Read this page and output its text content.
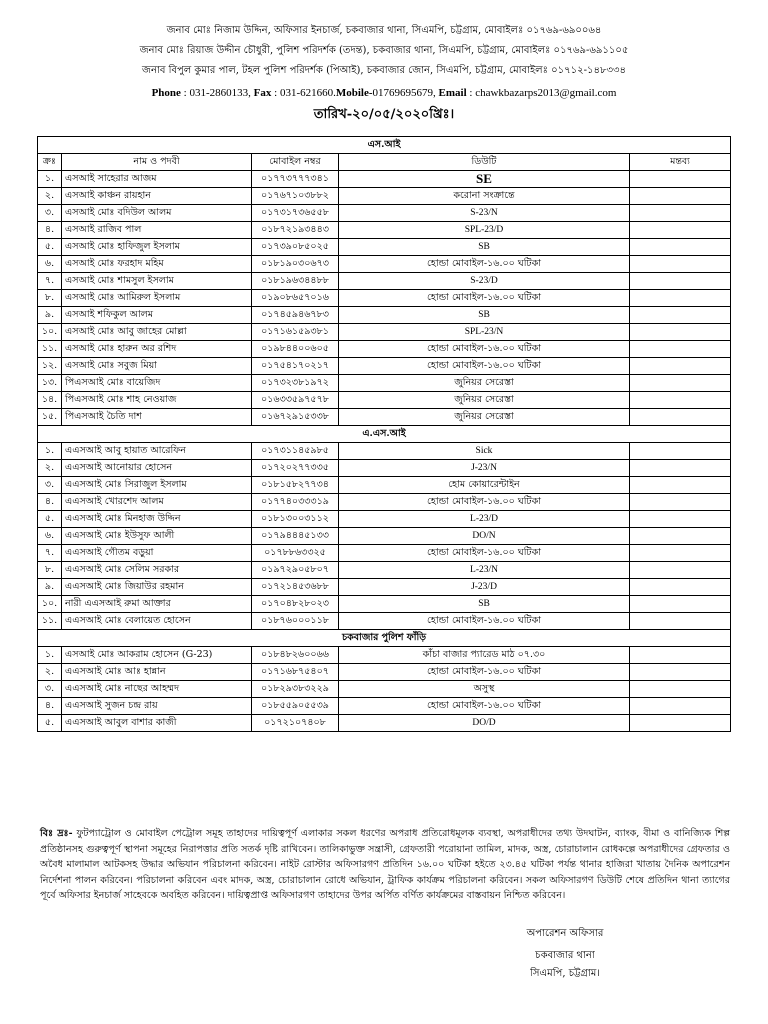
জনাব মোঃ নিজাম উদ্দিন, অফিসার ইনচার্জ, চকবাজার থানা, সিএমপি, চট্টগ্রাম, মোবাইলঃ ০১৭৬৯-৬৯০০৬৪
জনাব মোঃ রিয়াজ উদ্দীন চৌধুরী, পুলিশ পরিদর্শক (তদন্ত), চকবাজার থানা, সিএমপি, চট্টগ্রাম, মোবাইলঃ ০১৭৬৯-৬৯১১০৫
জনাব বিপুল কুমার পাল, টহল পুলিশ পরিদর্শক (পিআই), চকবাজার জোন, সিএমপি, চট্টগ্রাম, মোবাইলঃ ০১৭১২-১৪৮৩৩৪
Phone : 031-2860133, Fax : 031-621660.Mobile-01769695679, Email : chawkbazarps2013@gmail.com
তারিখ-২০/০৫/২০২০খ্রিঃ।
এস.আই				
ক্রঃ	নাম ও পদবী	মোবাইল নম্বর	ডিউটি	মন্তব্য
১.	এসআই সাহেরার আজম	০১৭৭৩৭৭৭৩৪১	SE	
২.	এসআই কাঞ্চন রায়হান	০১৭৬৭১০৩৮৮২	করোনা সংক্রান্তে	
৩.	এসআই মোঃ বদিউল আলম	০১৭৩১৭৩৬৫৫৮	S-23/N	
৪.	এসআই রাজিব পাল	০১৮৭২১৯৩৪৪৩	SPL-23/D	
৫.	এসআই মোঃ হাফিজুল ইসলাম	০১৭৩৯০৮৫০২৫	SB	
৬.	এসআই মোঃ ফরহাদ মহিম	০১৮১৯০৩০৬৭৩	হোন্ডা মোবাইল-১৬.০০ ঘটিকা	
৭.	এসআই মোঃ শামসুল ইসলাম	০১৮১৯৬৩৪৪৮৮	S-23/D	
৮.	এসআই মোঃ আমিরুল ইসলাম	০১৯০৮৬৫৭০১৬	হোন্ডা মোবাইল-১৬.০০ ঘটিকা	
৯.	এসআই শফিকুল আলম	০১৭৪৫৯৪৬৭৮৩	SB	
১০.	এসআই মোঃ আবু জাহের মোল্লা	০১৭১৬১৫৯৩৮১	SPL-23/N	
১১.	এসআই মোঃ হারুন অর রশিদ	০১৯৮৪৪০০৬০৫	হোন্ডা মোবাইল-১৬.০০ ঘটিকা	
১২.	এসআই মোঃ সবুজ মিয়া	০১৭৫৪১৭০২১৭	হোন্ডা মোবাইল-১৬.০০ ঘটিকা	
১৩.	পিএসআই মোঃ বায়েজিদ	০১৭৩২৩৮১৯৭২	জুনিয়র সেরেস্তা	
১৪.	পিএসআই মোঃ শাহ নেওয়াজ	০১৬৩৩৫৯৭৫৭৮	জুনিয়র সেরেস্তা	
১৫.	পিএসআই চৈতি দাশ	০১৬৭২৯১৫৩৩৮	জুনিয়র সেরেস্তা	
এ.এস.আই				
১.	এএসআই আবু হায়াত আরেফিন	০১৭৩১১৪৫৯৮৫	Sick	
২.	এএসআই আনোয়ার হোসেন	০১৭২০২৭৭৩৩৫	J-23/N	
৩.	এএসআই মোঃ সিরাজুল ইসলাম	০১৮১৫৮২৭৭৩৪	হোম কোয়ারেন্টাইন	
৪.	এএসআই খোরশেদ আলম	০১৭৭৪০৩৩৩১৯	হোন্ডা মোবাইল-১৬.০০ ঘটিকা	
৫.	এএসআই মোঃ মিনহাজ উদ্দিন	০১৮১৩০০৩১১২	L-23/D	
৬.	এএসআই মোঃ ইউসুফ আলী	০১৭৯৪৪৪৫১৩৩	DO/N	
৭.	এএসআই গৌতম বড়ুয়া	০১৭৮৮৬৩৩২৫	হোন্ডা মোবাইল-১৬.০০ ঘটিকা	
৮.	এএসআই মোঃ সেলিম সরকার	০১৯৭২৯০৫৮০৭	L-23/N	
৯.	এএসআই মোঃ জিয়াউর রহমান	০১৭২১৪৫৩৬৮৮	J-23/D	
১০.	নারী এএসআই রুমা আক্তার	০১৭০৪৮২৮০২৩	SB	
১১.	এএসআই মোঃ বেলায়েত হোসেন	০১৮৭৬০০০১১৮	হোন্ডা মোবাইল-১৬.০০ ঘটিকা	
চকবাজার পুলিশ ফাঁড়ি				
১.	এসআই মোঃ আকরাম হোসেন (G-23)	০১৮৪৮২৬০০৬৬	কাঁচা বাজার প্যারেড মাঠ ০৭.৩০	
২.	এএসআই মোঃ আঃ হান্নান	০১৭১৬৮৭৫৪০৭	হোন্ডা মোবাইল-১৬.০০ ঘটিকা	
৩.	এএসআই মোঃ নাছের আহম্মদ	০১৮২৯৩৮৩২২৯	অসুস্থ	
৪.	এএসআই সুজন চন্দ্র রায়	০১৮৫৫৯০৫৫৩৯	হোন্ডা মোবাইল-১৬.০০ ঘটিকা	
৫.	এএসআই আবুল বাশার কাজী	০১৭২১০৭৪০৮	DO/D	
বিঃ দ্রঃ- ফুটপ্যাট্রোল ও মোবাইল পেট্রোল সমূহ তাহাদের দায়িত্বপূর্ণ এলাকার সকল ধরণের অপরাধ প্রতিরোধমূলক ব্যবস্থা, অপরাধীদের তথ্য উদঘাটন, ব্যাংক, বীমা ও বানিজ্যিক শিল্প প্রতিষ্ঠানসহ গুরুত্বপূর্ণ স্থাপনা সমূহের নিরাপত্তার প্রতি সতর্ক দৃষ্টি রাখিবেন। তালিকাভুক্ত সন্ত্রাসী, গ্রেফতারী পরোয়ানা তামিল, মাদক, অস্ত্র, চোরাচালান রোধকল্পে অপরাধীদের গ্রেফতার ও অবৈধ মালামাল আটকসহ উদ্ধার অভিযান পরিচালনা করিবেন। নাইট রোস্টার অফিসারগণ প্রতিদিন ১৬.০০ ঘটিকা হইতে ২৩.৪৫ ঘটিকা পর্যন্ত থানার হাজিরা খাতায় দৈনিক অপারেশন নির্দেশনা পালন করিবেন। পরিচালনা করিবেন এবং মাদক, অস্ত্র, চোরাচালান রোধে অভিযান, ট্রাফিক কার্যক্রম পরিচালনা করিবেন। সকল অফিসারগণ ডিউটি শেষে প্রতিদিন থানা ত্যাগের পূর্বে অফিসার ইনচার্জ সাহেবকে অবহিত করিবেন। দায়িত্বপ্রাপ্ত অফিসারগণ তাহাদের উপর অর্পিত বর্ণিত কার্যক্রমের বাস্তবায়ন নিশ্চিত করিবেন।
অপারেশন অফিসার
চকবাজার থানা
সিএমপি, চট্টগ্রাম।
